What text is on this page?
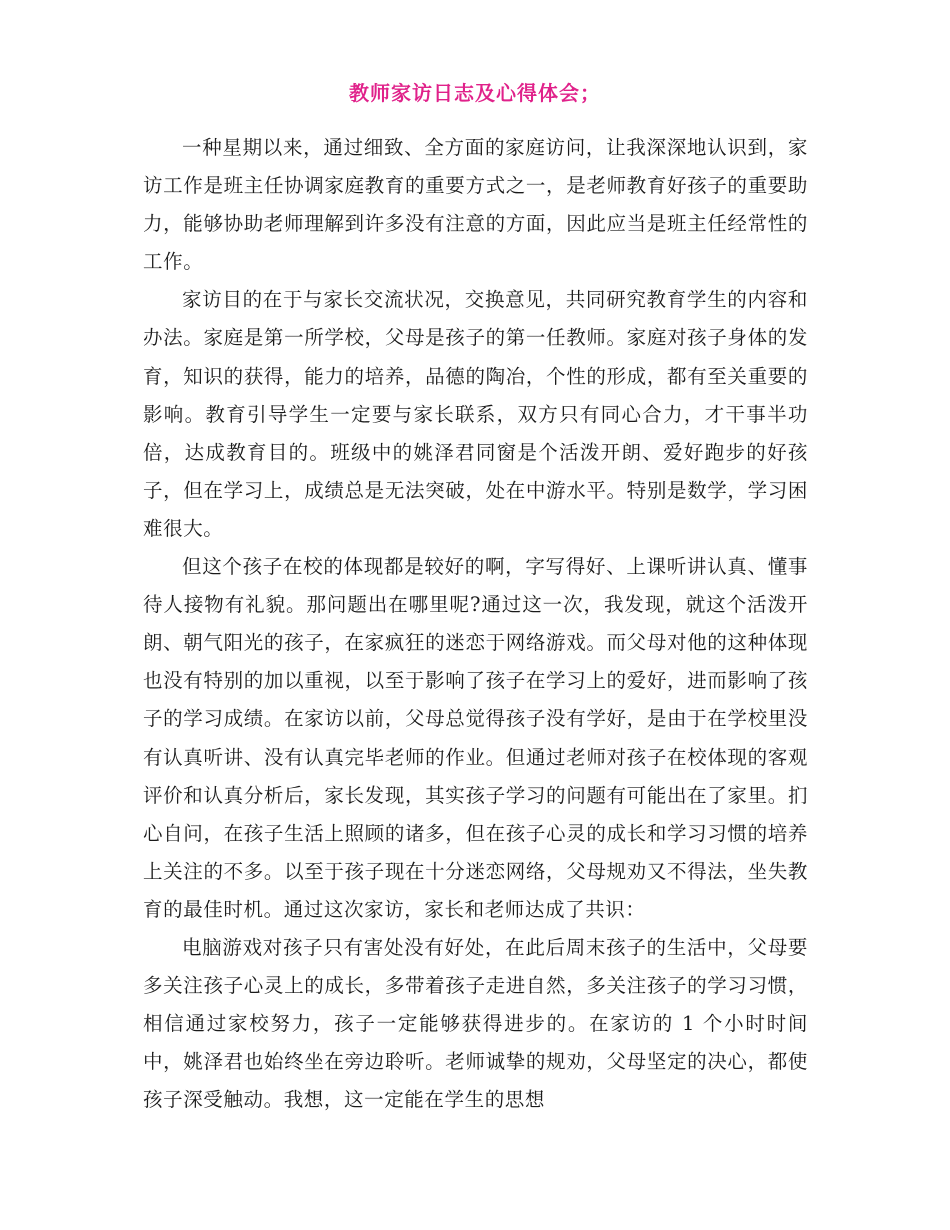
教师家访日志及心得体会；

一种星期以来，通过细致、全方面的家庭访问，让我深深地认识到，家访工作是班主任协调家庭教育的重要方式之一，是老师教育好孩子的重要助力，能够协助老师理解到许多没有注意的方面，因此应当是班主任经常性的工作。

家访目的在于与家长交流状况，交换意见，共同研究教育学生的内容和办法。家庭是第一所学校，父母是孩子的第一任教师。家庭对孩子身体的发育，知识的获得，能力的培养，品德的陶冶，个性的形成，都有至关重要的影响。教育引导学生一定要与家长联系，双方只有同心合力，才干事半功倍，达成教育目的。班级中的姚泽君同窗是个活泼开朗、爱好跑步的好孩子，但在学习上，成绩总是无法突破，处在中游水平。特别是数学，学习困难很大。

但这个孩子在校的体现都是较好的啊，字写得好、上课听讲认真、懂事待人接物有礼貌。那问题出在哪里呢?通过这一次，我发现，就这个活泼开朗、朝气阳光的孩子，在家疯狂的迷恋于网络游戏。而父母对他的这种体现也没有特别的加以重视，以至于影响了孩子在学习上的爱好，进而影响了孩子的学习成绩。在家访以前，父母总觉得孩子没有学好，是由于在学校里没有认真听讲、没有认真完毕老师的作业。但通过老师对孩子在校体现的客观评价和认真分析后，家长发现，其实孩子学习的问题有可能出在了家里。扪心自问，在孩子生活上照顾的诸多，但在孩子心灵的成长和学习习惯的培养上关注的不多。以至于孩子现在十分迷恋网络，父母规劝又不得法，坐失教育的最佳时机。通过这次家访，家长和老师达成了共识：

电脑游戏对孩子只有害处没有好处，在此后周末孩子的生活中，父母要多关注孩子心灵上的成长，多带着孩子走进自然，多关注孩子的学习习惯，相信通过家校努力，孩子一定能够获得进步的。在家访的 1 个小时时间中，姚泽君也始终坐在旁边聆听。老师诚挚的规劝，父母坚定的决心，都使孩子深受触动。我想，这一定能在学生的思想
